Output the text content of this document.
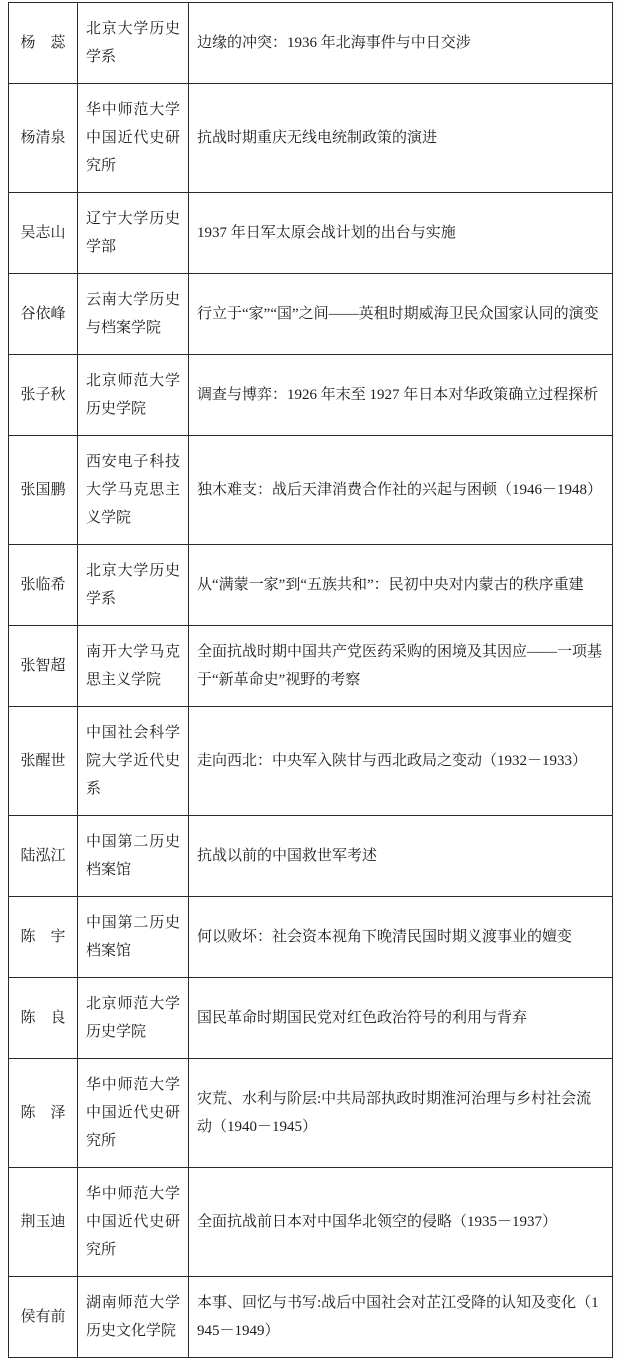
杨　蕊	北京大学历史学系	边缘的冲突：1936 年北海事件与中日交涉
杨清泉	华中师范大学中国近代史研究所	抗战时期重庆无线电统制政策的演进
吴志山	辽宁大学历史学部	1937 年日军太原会战计划的出台与实施
谷依峰	云南大学历史与档案学院	行立于“家”“国”之间——英租时期威海卫民众国家认同的演变
张子秋	北京师范大学历史学院	调查与博弈：1926 年末至 1927 年日本对华政策确立过程探析
张国鹏	西安电子科技大学马克思主义学院	独木难支：战后天津消费合作社的兴起与困顿（1946－1948）
张临希	北京大学历史学系	从“满蒙一家”到“五族共和”：民初中央对内蒙古的秩序重建
张智超	南开大学马克思主义学院	全面抗战时期中国共产党医药采购的困境及其因应——一项基于“新革命史”视野的考察
张醒世	中国社会科学院大学近代史系	走向西北：中央军入陕甘与西北政局之变动（1932－1933）
陆泓江	中国第二历史档案馆	抗战以前的中国救世军考述
陈　宇	中国第二历史档案馆	何以败坏：社会资本视角下晚清民国时期义渡事业的嬗变
陈　良	北京师范大学历史学院	国民革命时期国民党对红色政治符号的利用与背弃
陈　泽	华中师范大学中国近代史研究所	灾荒、水利与阶层:中共局部执政时期淮河治理与乡村社会流动（1940－1945）
荆玉迪	华中师范大学中国近代史研究所	全面抗战前日本对中国华北领空的侵略（1935－1937）
侯有前	湖南师范大学历史文化学院	本事、回忆与书写:战后中国社会对芷江受降的认知及变化（1945－1949）
